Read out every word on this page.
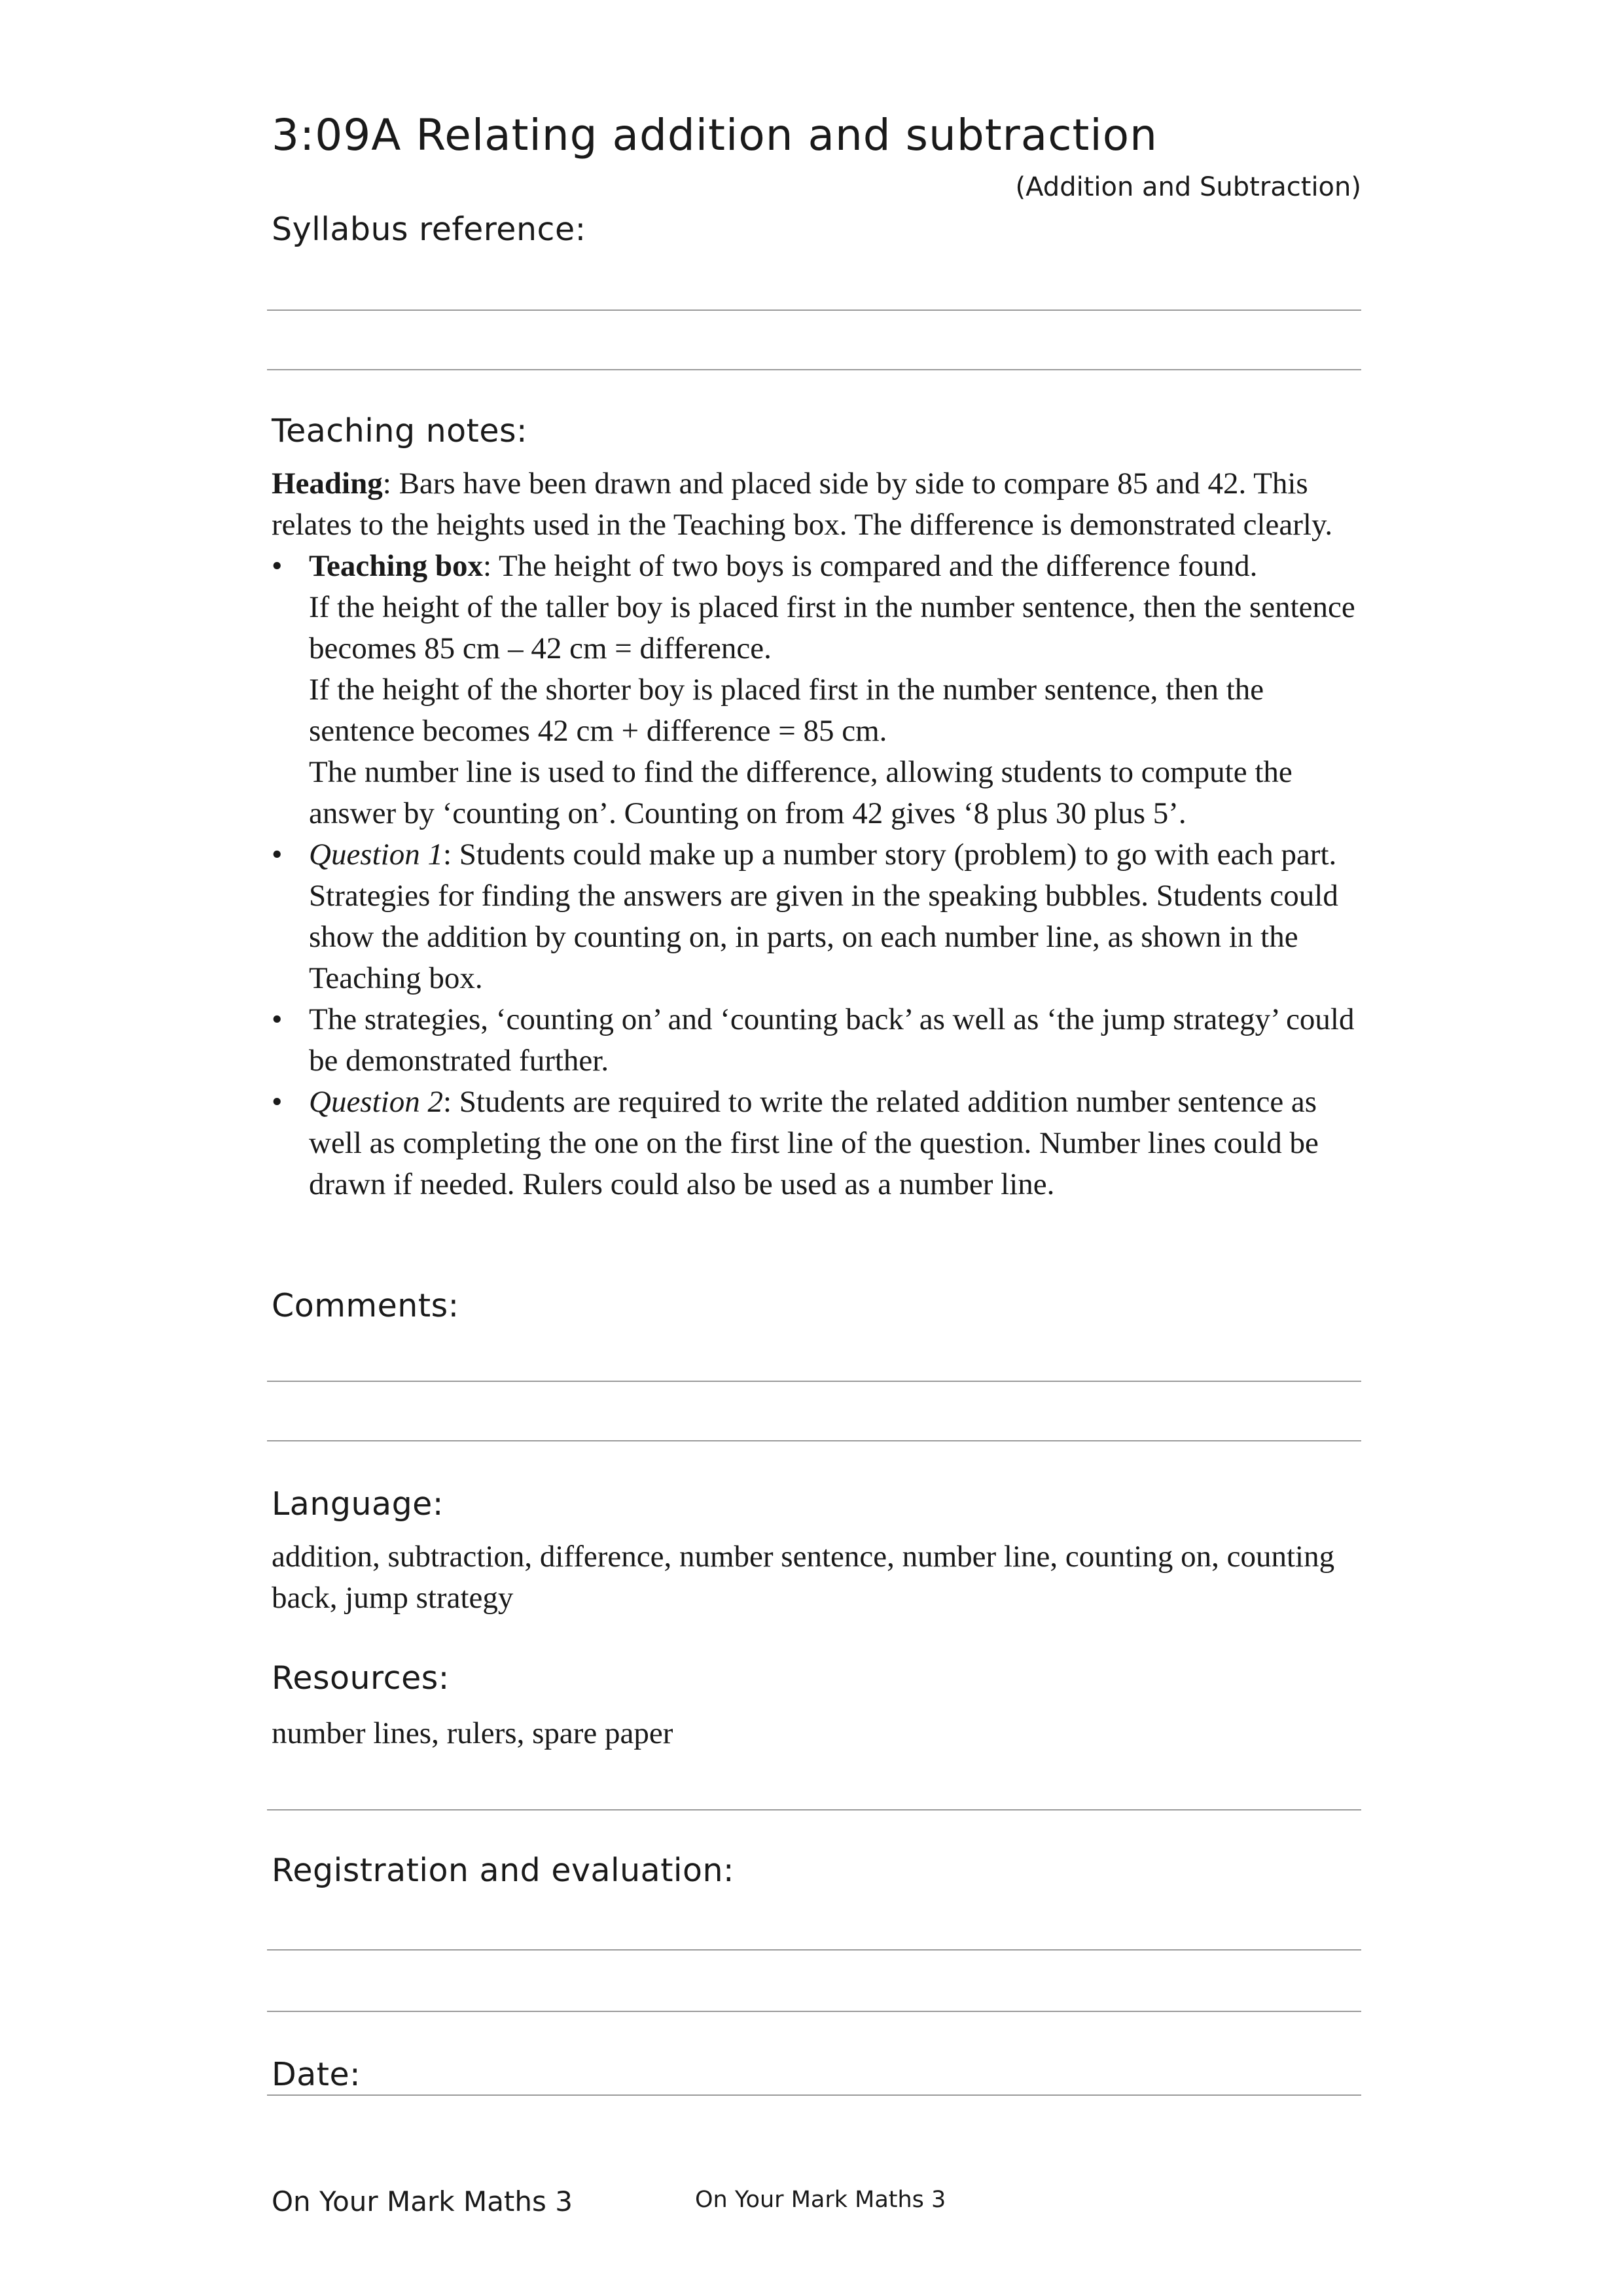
3:09A Relating addition and subtraction
(Addition and Subtraction)
Syllabus reference:
Teaching notes:

Heading: Bars have been drawn and placed side by side to compare 85 and 42. This relates to the heights used in the Teaching box. The difference is demonstrated clearly.

• Teaching box: The height of two boys is compared and the difference found.
If the height of the taller boy is placed first in the number sentence, then the sentence becomes 85 cm – 42 cm = difference.
If the height of the shorter boy is placed first in the number sentence, then the sentence becomes 42 cm + difference = 85 cm.
The number line is used to find the difference, allowing students to compute the answer by ‘counting on’. Counting on from 42 gives ‘8 plus 30 plus 5’.
• Question 1: Students could make up a number story (problem) to go with each part. Strategies for finding the answers are given in the speaking bubbles. Students could show the addition by counting on, in parts, on each number line, as shown in the Teaching box.
• The strategies, ‘counting on’ and ‘counting back’ as well as ‘the jump strategy’ could be demonstrated further.
• Question 2: Students are required to write the related addition number sentence as well as completing the one on the first line of the question. Number lines could be drawn if needed. Rulers could also be used as a number line.
Comments:
Language:
addition, subtraction, difference, number sentence, number line, counting on, counting back, jump strategy
Resources:
number lines, rulers, spare paper
Registration and evaluation:
Date:
On Your Mark Maths 3	On Your Mark Maths 3
